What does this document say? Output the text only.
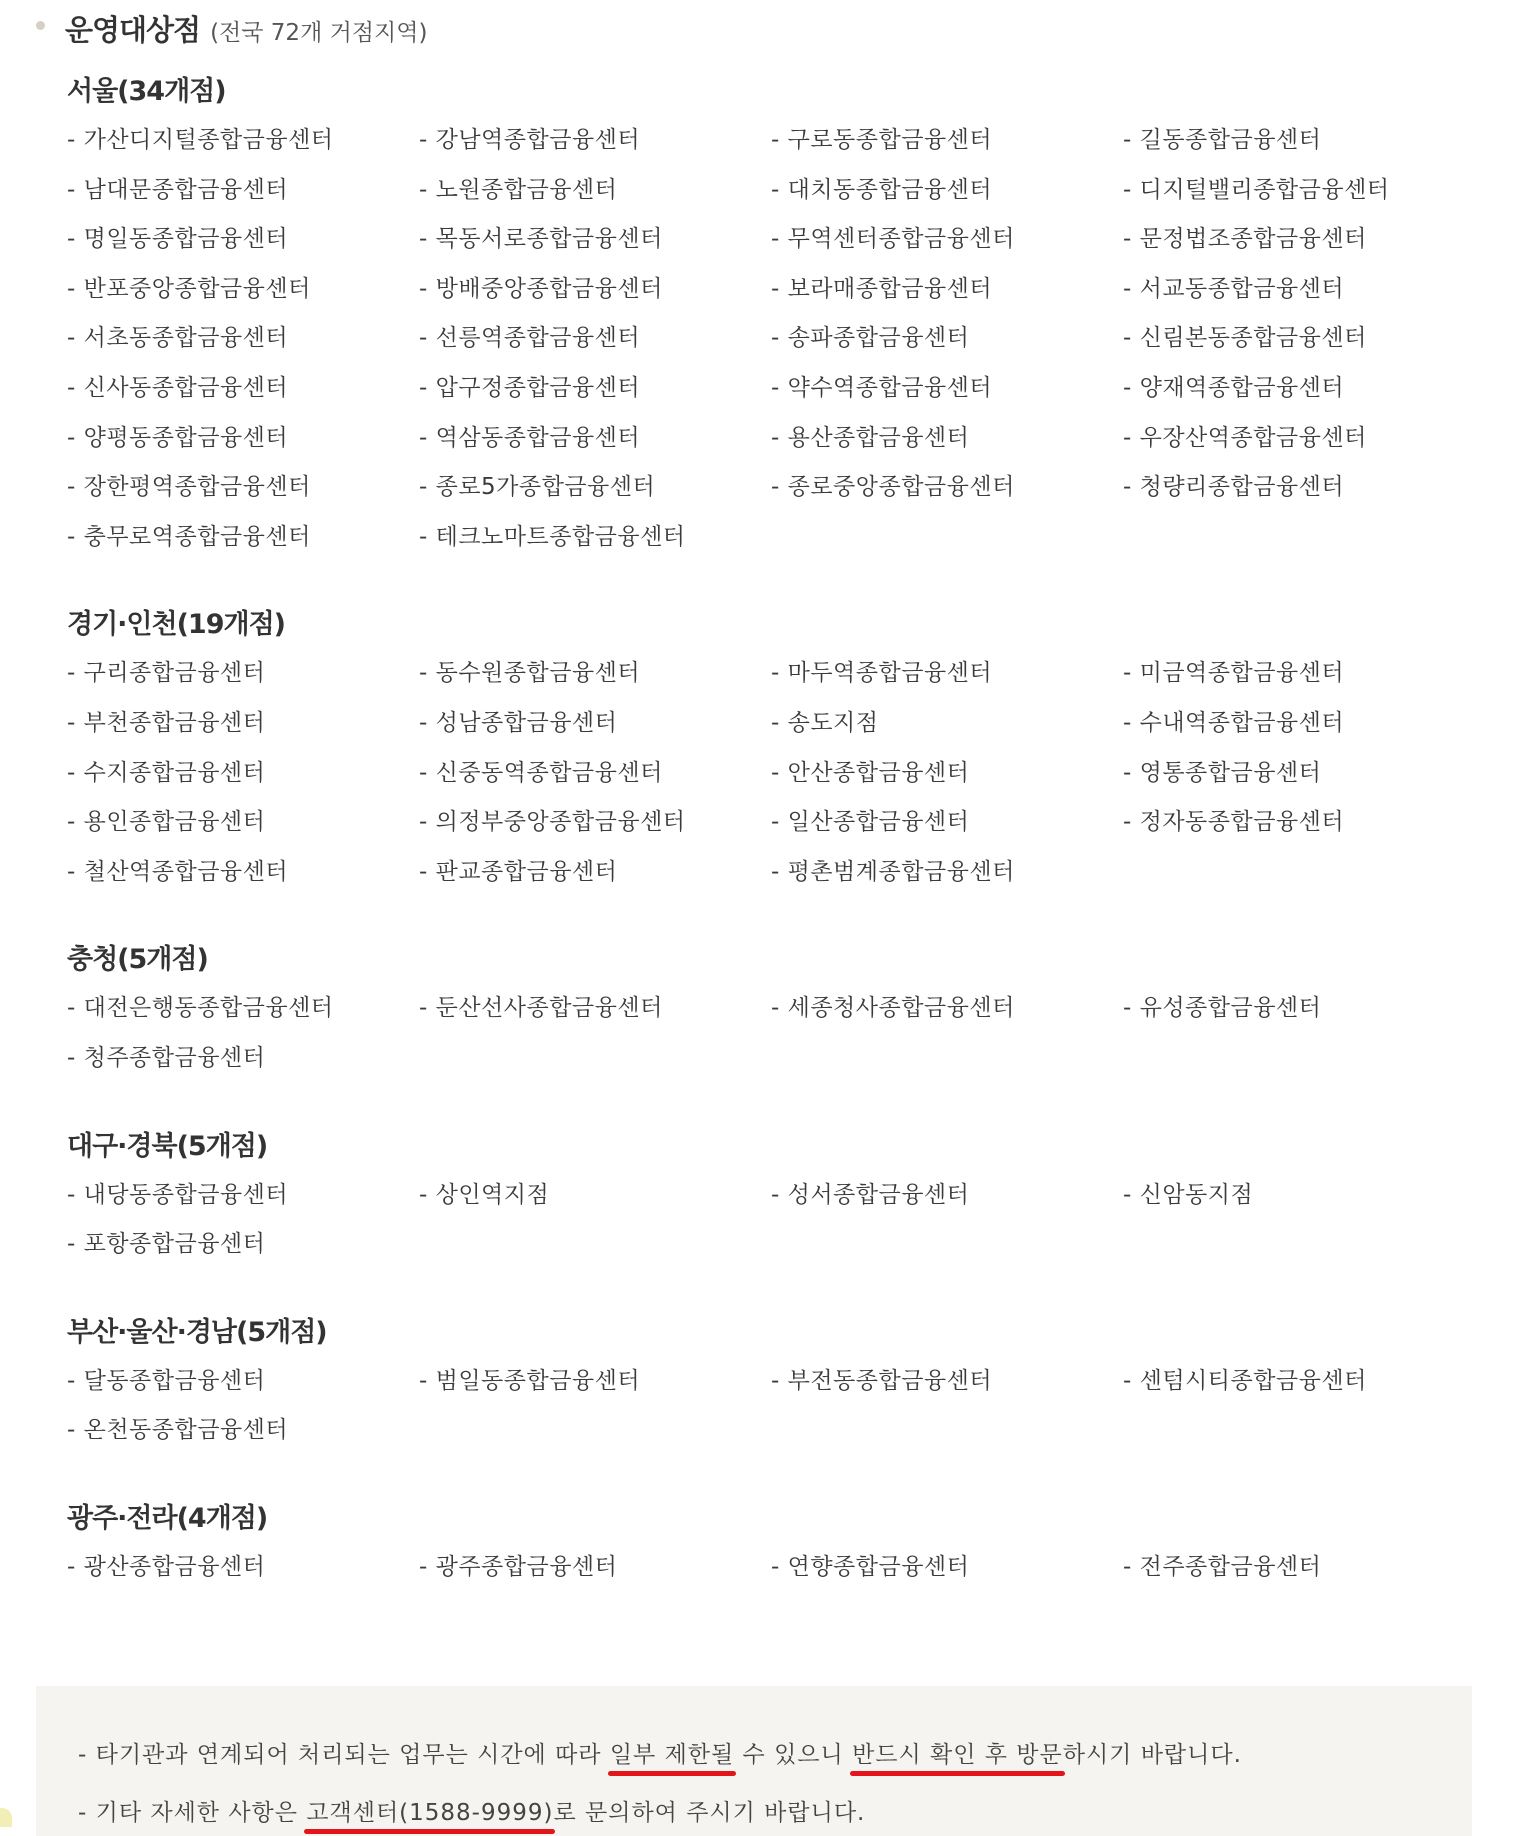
운영대상점 (전국 72개 거점지역)
서울(34개점)
- 가산디지털종합금융센터	- 강남역종합금융센터	- 구로동종합금융센터	- 길동종합금융센터
- 남대문종합금융센터	- 노원종합금융센터	- 대치동종합금융센터	- 디지털밸리종합금융센터
- 명일동종합금융센터	- 목동서로종합금융센터	- 무역센터종합금융센터	- 문정법조종합금융센터
- 반포중앙종합금융센터	- 방배중앙종합금융센터	- 보라매종합금융센터	- 서교동종합금융센터
- 서초동종합금융센터	- 선릉역종합금융센터	- 송파종합금융센터	- 신림본동종합금융센터
- 신사동종합금융센터	- 압구정종합금융센터	- 약수역종합금융센터	- 양재역종합금융센터
- 양평동종합금융센터	- 역삼동종합금융센터	- 용산종합금융센터	- 우장산역종합금융센터
- 장한평역종합금융센터	- 종로5가종합금융센터	- 종로중앙종합금융센터	- 청량리종합금융센터
- 충무로역종합금융센터	- 테크노마트종합금융센터
경기·인천(19개점)
- 구리종합금융센터	- 동수원종합금융센터	- 마두역종합금융센터	- 미금역종합금융센터
- 부천종합금융센터	- 성남종합금융센터	- 송도지점	- 수내역종합금융센터
- 수지종합금융센터	- 신중동역종합금융센터	- 안산종합금융센터	- 영통종합금융센터
- 용인종합금융센터	- 의정부중앙종합금융센터	- 일산종합금융센터	- 정자동종합금융센터
- 철산역종합금융센터	- 판교종합금융센터	- 평촌범계종합금융센터
충청(5개점)
- 대전은행동종합금융센터	- 둔산선사종합금융센터	- 세종청사종합금융센터	- 유성종합금융센터
- 청주종합금융센터
대구·경북(5개점)
- 내당동종합금융센터	- 상인역지점	- 성서종합금융센터	- 신암동지점
- 포항종합금융센터
부산·울산·경남(5개점)
- 달동종합금융센터	- 범일동종합금융센터	- 부전동종합금융센터	- 센텀시티종합금융센터
- 온천동종합금융센터
광주·전라(4개점)
- 광산종합금융센터	- 광주종합금융센터	- 연향종합금융센터	- 전주종합금융센터
- 타기관과 연계되어 처리되는 업무는 시간에 따라 일부 제한될 수 있으니 반드시 확인 후 방문하시기 바랍니다.
- 기타 자세한 사항은 고객센터(1588-9999)로 문의하여 주시기 바랍니다.
